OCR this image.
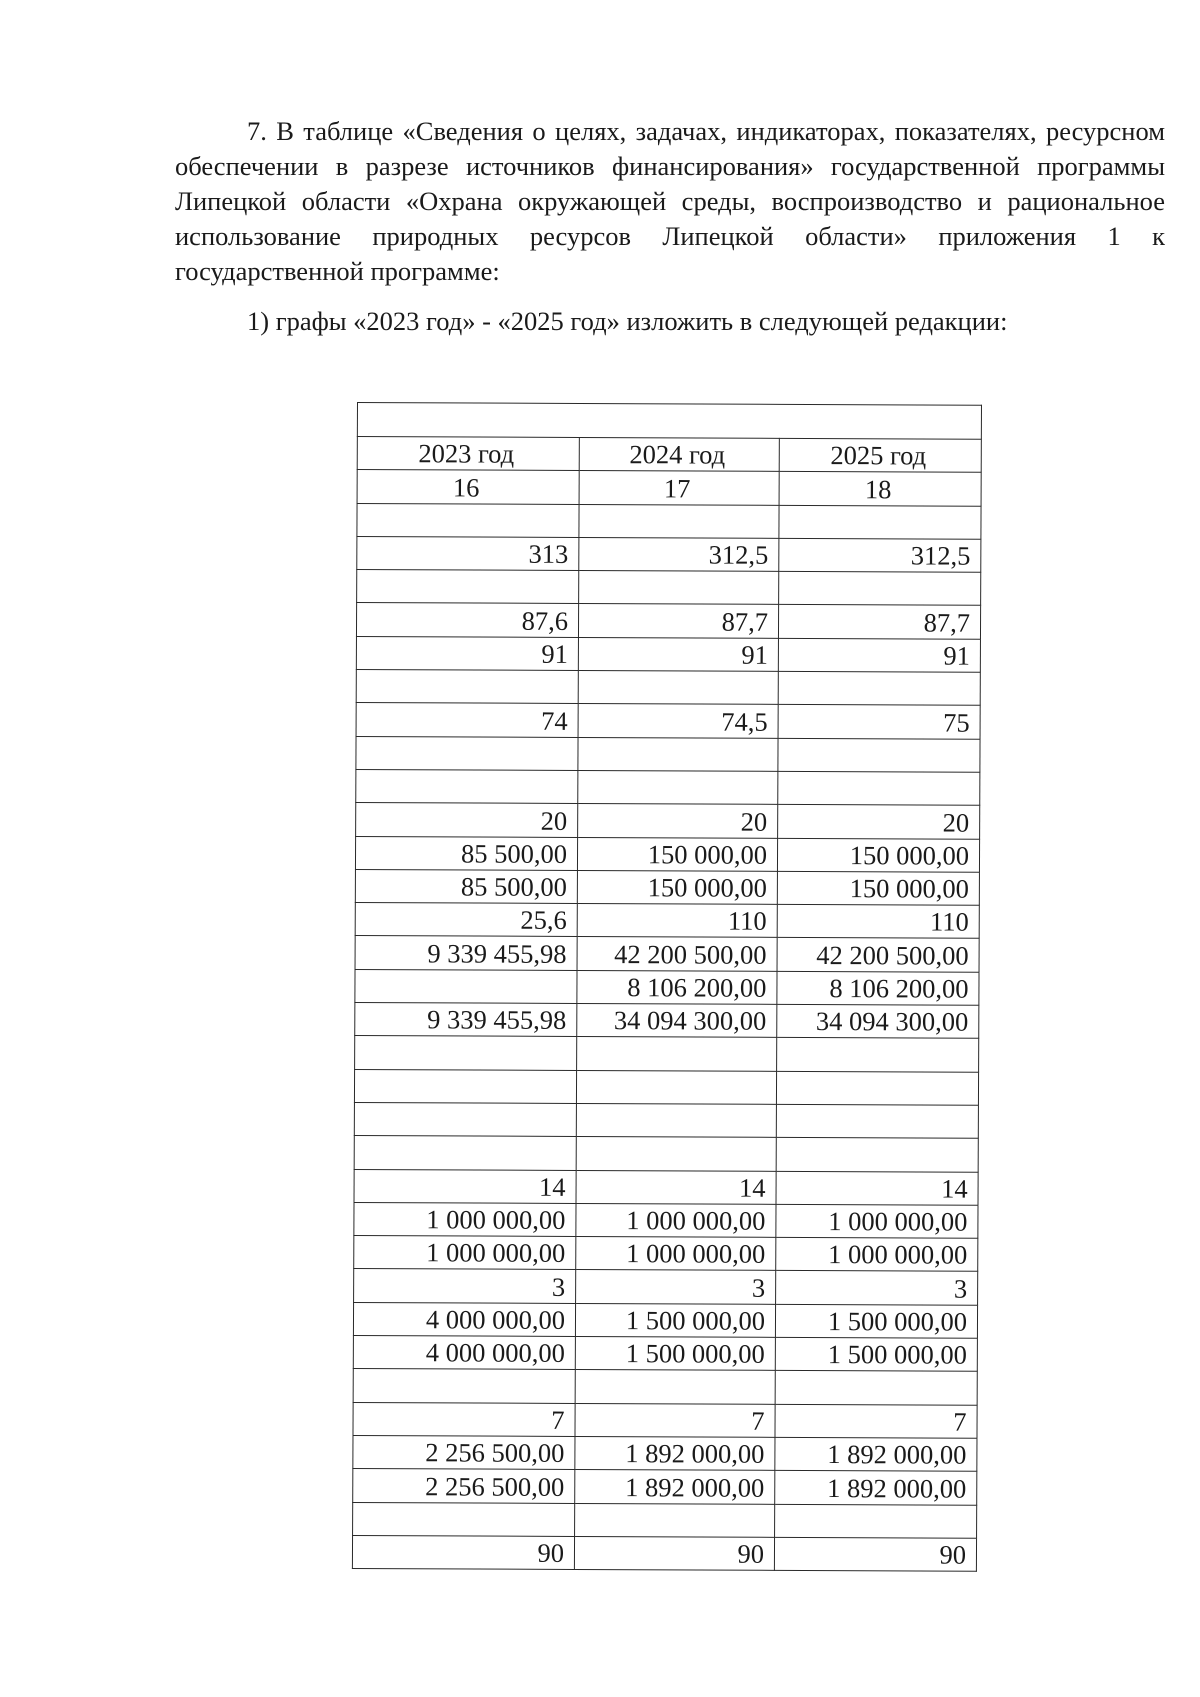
7. В таблице «Сведения о целях, задачах, индикаторах, показателях, ресурсном обеспечении в разрезе источников финансирования» государственной программы Липецкой области «Охрана окружающей среды, воспроизводство и рациональное использование природных ресурсов Липецкой области» приложения 1 к государственной программе:

1) графы «2023 год» - «2025 год» изложить в следующей редакции:

2023 год	2024 год	2025 год
16	17	18

313	312,5	312,5

87,6	87,7	87,7
91	91	91

74	74,5	75

20	20	20
85 500,00	150 000,00	150 000,00
85 500,00	150 000,00	150 000,00
25,6	110	110
9 339 455,98	42 200 500,00	42 200 500,00
	8 106 200,00	8 106 200,00
9 339 455,98	34 094 300,00	34 094 300,00

14	14	14
1 000 000,00	1 000 000,00	1 000 000,00
1 000 000,00	1 000 000,00	1 000 000,00
3	3	3
4 000 000,00	1 500 000,00	1 500 000,00
4 000 000,00	1 500 000,00	1 500 000,00

7	7	7
2 256 500,00	1 892 000,00	1 892 000,00
2 256 500,00	1 892 000,00	1 892 000,00

90	90	90
